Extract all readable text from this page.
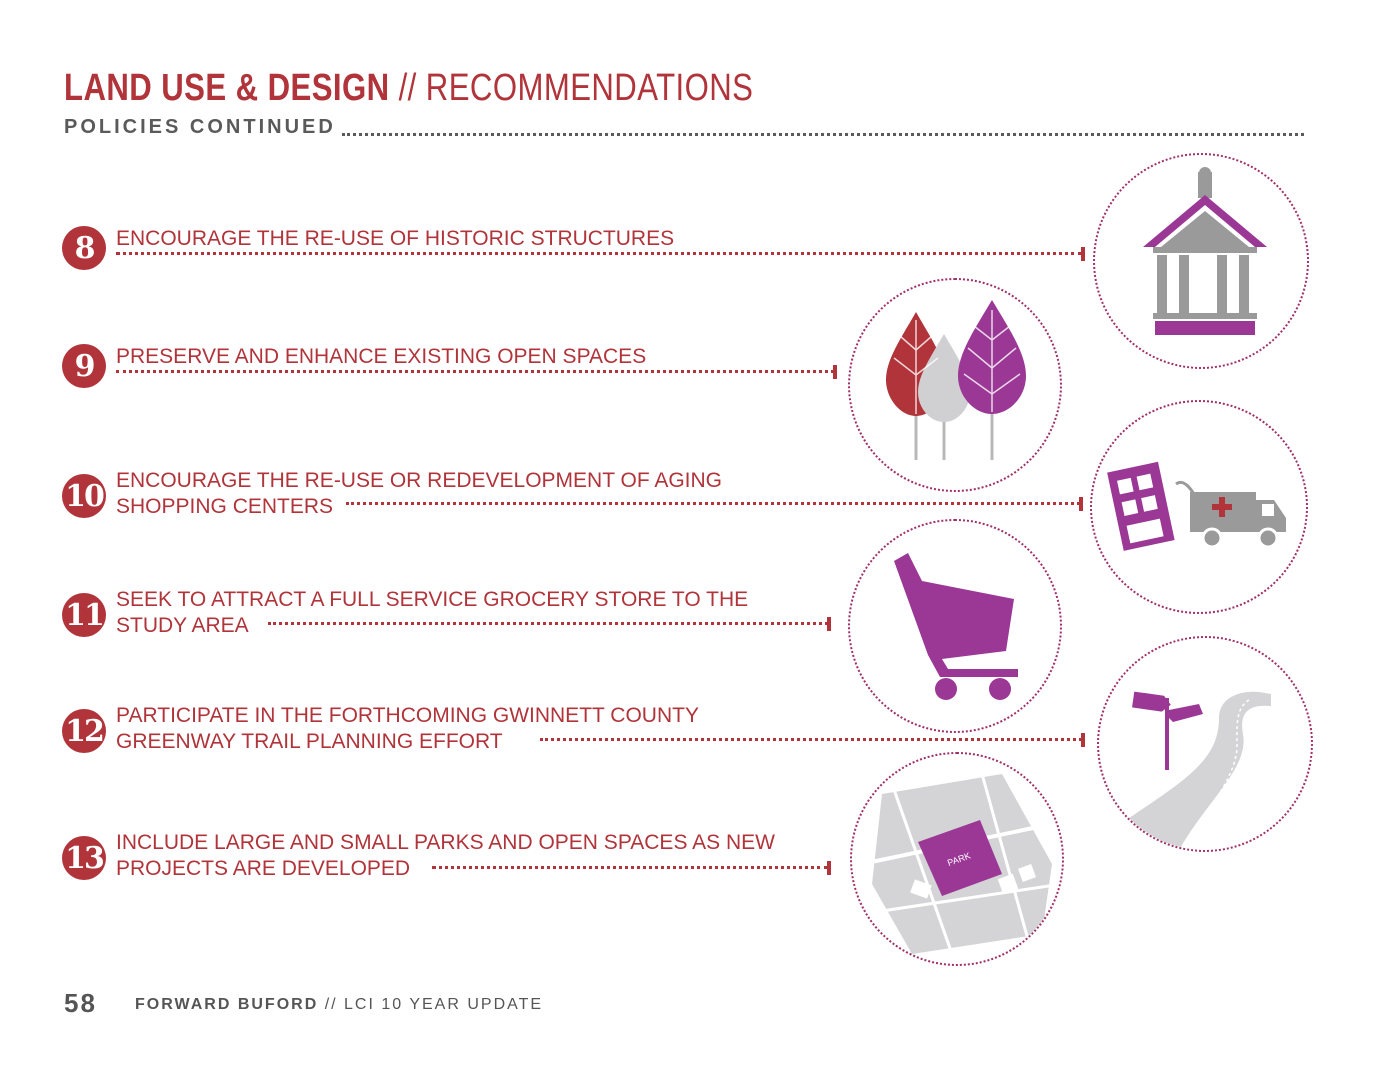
LAND USE & DESIGN // RECOMMENDATIONS
POLICIES CONTINUED
8	ENCOURAGE THE RE-USE OF HISTORIC STRUCTURES
9	PRESERVE AND ENHANCE EXISTING OPEN SPACES
10 ENCOURAGE THE RE-USE OR REDEVELOPMENT OF AGING
SHOPPING CENTERS
11 SEEK TO ATTRACT A FULL SERVICE GROCERY STORE TO THE
STUDY AREA
12 PARTICIPATE IN THE FORTHCOMING GWINNETT COUNTY
GREENWAY TRAIL PLANNING EFFORT
13 INCLUDE LARGE AND SMALL PARKS AND OPEN SPACES AS NEW
PROJECTS ARE DEVELOPED	PARK
58 FORWARD BUFORD // LCI 10 YEAR UPDATE
